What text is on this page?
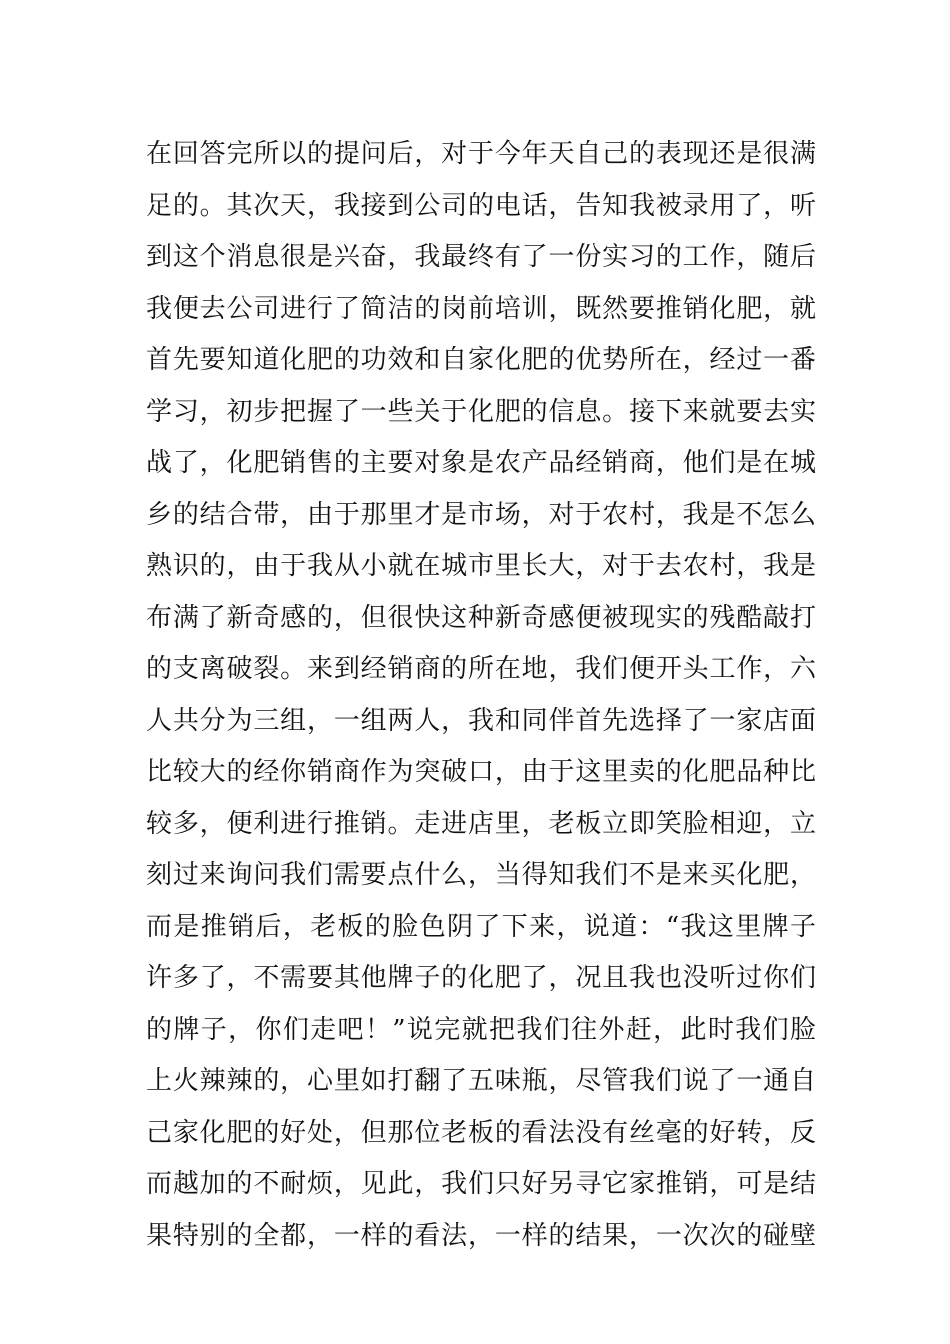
在回答完所以的提问后，对于今年天自己的表现还是很满
足的。其次天，我接到公司的电话，告知我被录用了，听
到这个消息很是兴奋，我最终有了一份实习的工作，随后
我便去公司进行了简洁的岗前培训，既然要推销化肥，就
首先要知道化肥的功效和自家化肥的优势所在，经过一番
学习，初步把握了一些关于化肥的信息。接下来就要去实
战了，化肥销售的主要对象是农产品经销商，他们是在城
乡的结合带，由于那里才是市场，对于农村，我是不怎么
熟识的，由于我从小就在城市里长大，对于去农村，我是
布满了新奇感的，但很快这种新奇感便被现实的残酷敲打
的支离破裂。来到经销商的所在地，我们便开头工作，六
人共分为三组，一组两人，我和同伴首先选择了一家店面
比较大的经你销商作为突破口，由于这里卖的化肥品种比
较多，便利进行推销。走进店里，老板立即笑脸相迎，立
刻过来询问我们需要点什么，当得知我们不是来买化肥，
而是推销后，老板的脸色阴了下来，说道：“我这里牌子
许多了，不需要其他牌子的化肥了，况且我也没听过你们
的牌子，你们走吧！”说完就把我们往外赶，此时我们脸
上火辣辣的，心里如打翻了五味瓶，尽管我们说了一通自
己家化肥的好处，但那位老板的看法没有丝毫的好转，反
而越加的不耐烦，见此，我们只好另寻它家推销，可是结
果特别的全都，一样的看法，一样的结果，一次次的碰壁
